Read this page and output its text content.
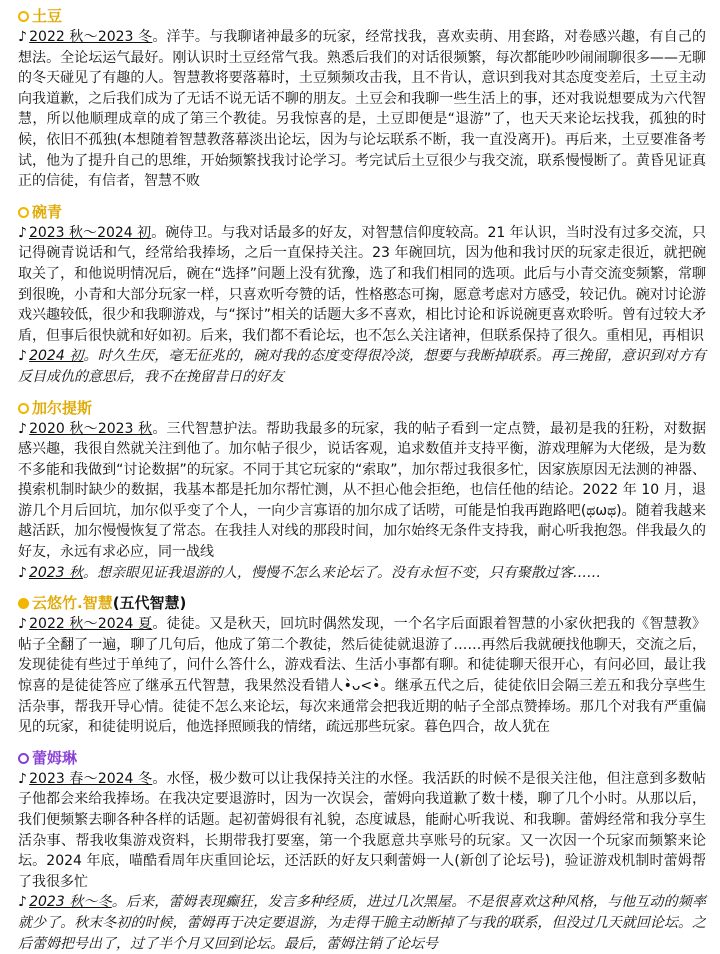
土豆

♪ 2022 秋～2023 冬。洋芋。与我聊诸神最多的玩家，经常找我，喜欢卖萌、用套路，对卷感兴趣，有自己的想法。全论坛运气最好。刚认识时土豆经常气我。熟悉后我们的对话很频繁，每次都能吵吵闹闹聊很多——无聊的冬天碰见了有趣的人。智慧教将要落幕时，土豆频频攻击我，且不肯认，意识到我对其态度变差后，土豆主动向我道歉，之后我们成为了无话不说无话不聊的朋友。土豆会和我聊一些生活上的事，还对我说想要成为六代智慧，所以他顺理成章的成了第三个教徒。另我惊喜的是，土豆即便是“退游”了，也天天来论坛找我，孤独的时候，依旧不孤独(本想随着智慧教落幕淡出论坛，因为与论坛联系不断，我一直没离开)。再后来，土豆要准备考试，他为了提升自己的思维，开始频繁找我讨论学习。考完试后土豆很少与我交流，联系慢慢断了。黄昏见证真正的信徒，有信者，智慧不败

碗青

♪ 2023 秋～2024 初。碗侍卫。与我对话最多的好友，对智慧信仰度较高。21 年认识，当时没有过多交流，只记得碗青说话和气，经常给我捧场，之后一直保持关注。23 年碗回坑，因为他和我讨厌的玩家走很近，就把碗取关了，和他说明情况后，碗在“选择”问题上没有犹豫，选了和我们相同的选项。此后与小青交流变频繁，常聊到很晚，小青和大部分玩家一样，只喜欢听夸赞的话，性格憨态可掬，愿意考虑对方感受，较记仇。碗对讨论游戏兴趣较低，很少和我聊游戏，与“探讨”相关的话题大多不喜欢，相比讨论和诉说碗更喜欢聆听。曾有过较大矛盾，但事后很快就和好如初。后来，我们都不看论坛，也不怎么关注诸神，但联系保持了很久。重相见，再相识

♪ 2024 初。时久生厌，毫无征兆的，碗对我的态度变得很冷淡，想要与我断掉联系。再三挽留，意识到对方有反目成仇的意思后，我不在挽留昔日的好友

加尔提斯

♪ 2020 秋～2023 秋。三代智慧护法。帮助我最多的玩家，我的帖子看到一定点赞，最初是我的狂粉，对数据感兴趣，我很自然就关注到他了。加尔帖子很少，说话客观，追求数值并支持平衡，游戏理解为大佬级，是为数不多能和我做到“讨论数据”的玩家。不同于其它玩家的“索取”，加尔帮过我很多忙，因家族原因无法测的神器、摸索机制时缺少的数据，我基本都是托加尔帮忙测，从不担心他会拒绝，也信任他的结论。2022 年 10 月，退游几个月后回坑，加尔似乎变了个人，一向少言寡语的加尔成了话唠，可能是怕我再跑路吧(ಥωಥ)。随着我越来越活跃，加尔慢慢恢复了常态。在我挂人对线的那段时间，加尔始终无条件支持我，耐心听我抱怨。伴我最久的好友，永远有求必应，同一战线

♪ 2023 秋。想亲眼见证我退游的人，慢慢不怎么来论坛了。没有永恒不变，只有聚散过客……

云悠竹.智慧(五代智慧)

♪ 2022 秋～2024 夏。徒徒。又是秋天，回坑时偶然发现，一个名字后面跟着智慧的小家伙把我的《智慧教》帖子全翻了一遍，聊了几句后，他成了第二个教徒，然后徒徒就退游了……再然后我就硬找他聊天，交流之后，发现徒徒有些过于单纯了，问什么答什么，游戏看法、生活小事都有聊。和徒徒聊天很开心，有问必回，最让我惊喜的是徒徒答应了继承五代智慧，我果然没看错人•̀ᴗ<•̀。继承五代之后，徒徒依旧会隔三差五和我分享些生活杂事，帮我开导心情。徒徒不怎么来论坛，每次来通常会把我近期的帖子全部点赞捧场。那几个对我有严重偏见的玩家，和徒徒明说后，他选择照顾我的情绪，疏远那些玩家。暮色四合，故人犹在

蕾姆琳

♪ 2023 春～2024 冬。水怪，极少数可以让我保持关注的水怪。我活跃的时候不是很关注他，但注意到多数帖子他都会来给我捧场。在我决定要退游时，因为一次误会，蕾姆向我道歉了数十楼，聊了几个小时。从那以后，我们便频繁去聊各种各样的话题。起初蕾姆很有礼貌，态度诚恳，能耐心听我说、和我聊。蕾姆经常和我分享生活杂事、帮我收集游戏资料，长期带我打要塞，第一个我愿意共享账号的玩家。又一次因一个玩家而频繁来论坛。2024 年底，喵酷看周年庆重回论坛，还活跃的好友只剩蕾姆一人(新创了论坛号)，验证游戏机制时蕾姆帮了我很多忙

♪ 2023 秋～冬。后来，蕾姆表现癫狂，发言多种经质，进过几次黑屋。不是很喜欢这种风格，与他互动的频率就少了。秋末冬初的时候，蕾姆再于决定要退游，为走得干脆主动断掉了与我的联系，但没过几天就回论坛。之后蕾姆把号出了，过了半个月又回到论坛。最后，蕾姆注销了论坛号
